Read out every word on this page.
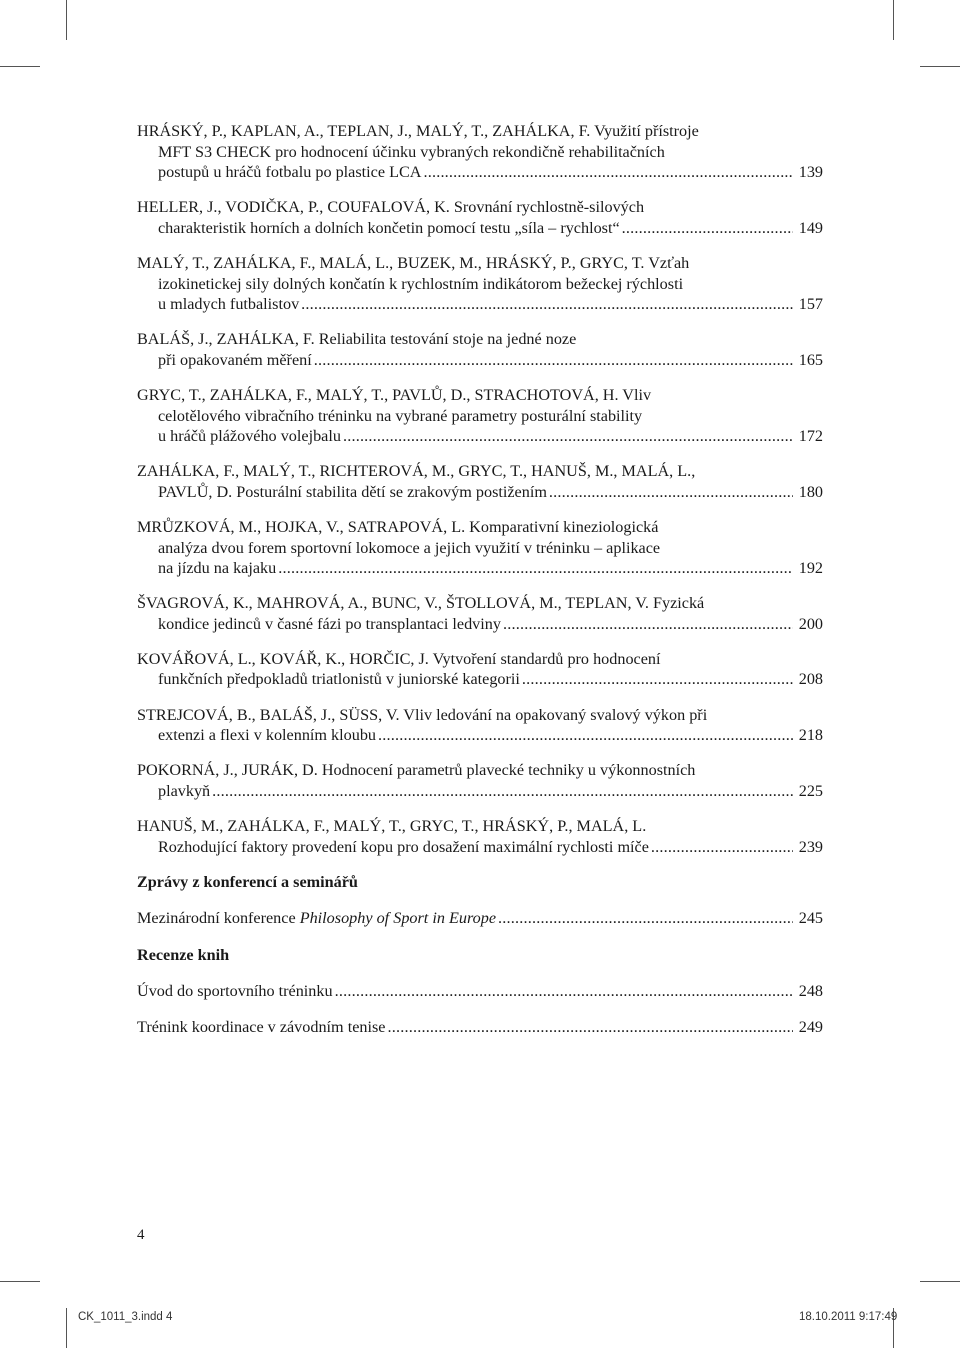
HRÁSKÝ, P., KAPLAN, A., TEPLAN, J., MALÝ, T., ZAHÁLKA, F. Využití přístroje
MFT S3 CHECK pro hodnocení účinku vybraných rekondičně rehabilitačních
postupů u hráčů fotbalu po plastice LCA .....	139
HELLER, J., VODIČKA, P., COUFALOVÁ, K. Srovnání rychlostně-silových
charakteristik horních a dolních končetin pomocí testu „síla – rychlost“ .....	149
MALÝ, T., ZAHÁLKA, F., MALÁ, L., BUZEK, M., HRÁSKÝ, P., GRYC, T. Vzťah
izokinetickej sily dolných končatín k rychlostním indikátorom bežeckej rýchlosti
u mladych futbalistov .....	157
BALÁŠ, J., ZAHÁLKA, F. Reliabilita testování stoje na jedné noze
při opakovaném měření .....	165
GRYC, T., ZAHÁLKA, F., MALÝ, T., PAVLŮ, D., STRACHOTOVÁ, H. Vliv
celotělového vibračního tréninku na vybrané parametry posturální stability
u hráčů plážového volejbalu .....	172
ZAHÁLKA, F., MALÝ, T., RICHTEROVÁ, M., GRYC, T., HANUŠ, M., MALÁ, L.,
PAVLŮ, D. Posturální stabilita dětí se zrakovým postižením .....	180
MRŮZKOVÁ, M., HOJKA, V., SATRAPOVÁ, L. Komparativní kineziologická
analýza dvou forem sportovní lokomoce a jejich využití v tréninku – aplikace
na jízdu na kajaku .....	192
ŠVAGROVÁ, K., MAHROVÁ, A., BUNC, V., ŠTOLLOVÁ, M., TEPLAN, V. Fyzická
kondice jedinců v časné fázi po transplantaci ledviny .....	200
KOVÁŘOVÁ, L., KOVÁŘ, K., HORČIC, J. Vytvoření standardů pro hodnocení
funkčních předpokladů triatlonistů v juniorské kategorii .....	208
STREJCOVÁ, B., BALÁŠ, J., SÜSS, V. Vliv ledování na opakovaný svalový výkon při
extenzi a flexi v kolenním kloubu .....	218
POKORNÁ, J., JURÁK, D. Hodnocení parametrů plavecké techniky u výkonnostních
plavkyň .....	225
HANUŠ, M., ZAHÁLKA, F., MALÝ, T., GRYC, T., HRÁSKÝ, P., MALÁ, L.
Rozhodující faktory provedení kopu pro dosažení maximální rychlosti míče .....	239
Zprávy z konferencí a seminářů
Mezinárodní konference Philosophy of Sport in Europe .....	245
Recenze knih
Úvod do sportovního tréninku .....	248
Trénink koordinace v závodním tenise .....	249
4
CK_1011_3.indd 4	18.10.2011 9:17:49
